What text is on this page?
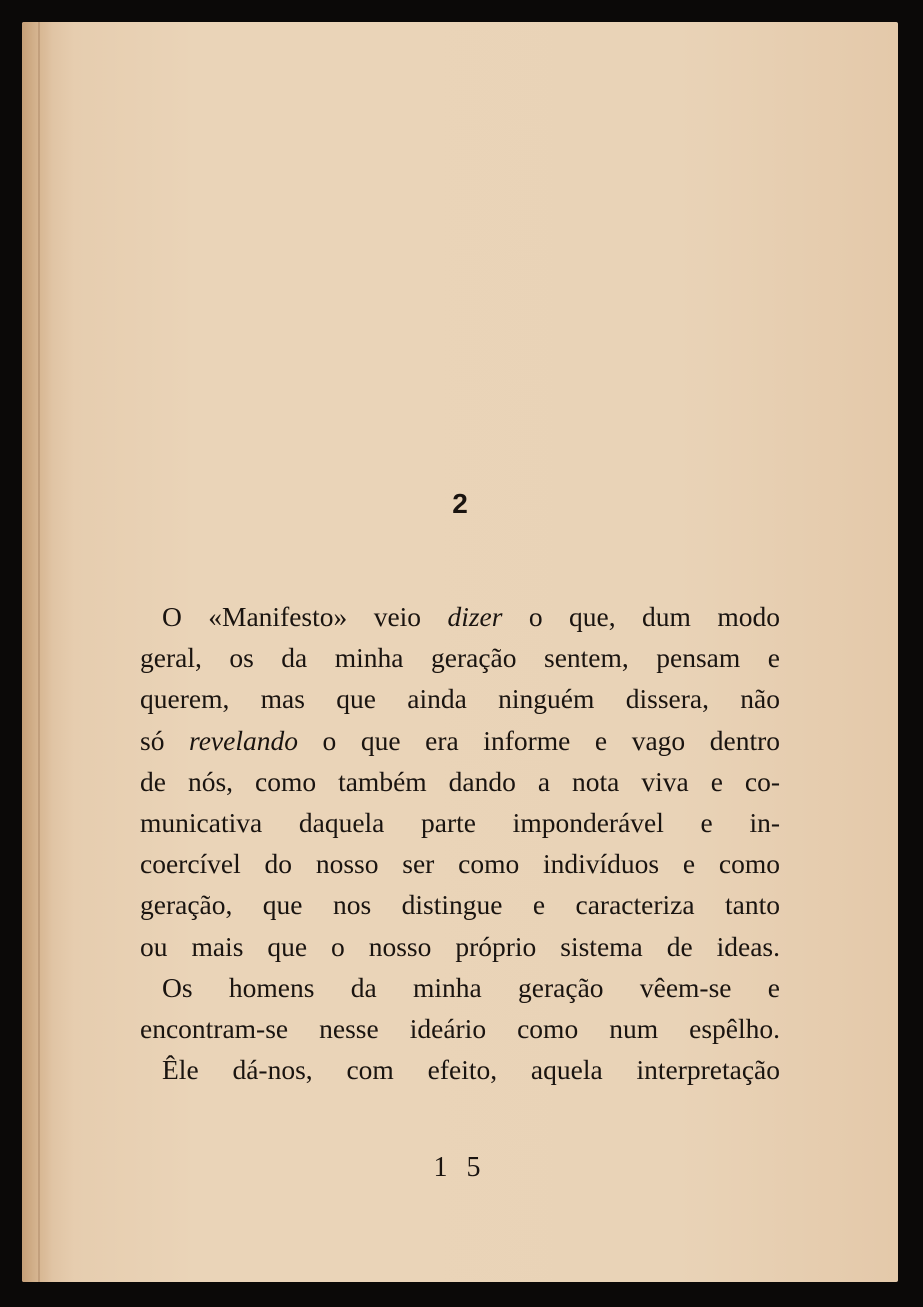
2
O «Manifesto» veio dizer o que, dum modo
geral, os da minha geração sentem, pensam e
querem, mas que ainda ninguém dissera, não
só revelando o que era informe e vago dentro
de nós, como também dando a nota viva e co-
municativa daquela parte imponderável e in-
coercível do nosso ser como indivíduos e como
geração, que nos distingue e caracteriza tanto
ou mais que o nosso próprio sistema de ideas.
Os homens da minha geração vêem-se e
encontram-se nesse ideário como num espêlho.
Êle dá-nos, com efeito, aquela interpretação
1 5
